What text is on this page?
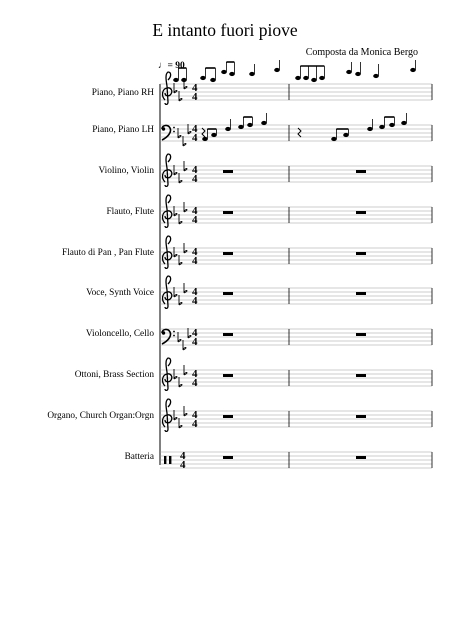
E intanto fuori piove
Composta da Monica Bergo
♩= 90
Piano, Piano RH
Piano, Piano LH
Violino, Violin
Flauto, Flute
Flauto di Pan , Pan Flute
Voce, Synth Voice
Violoncello, Cello
Ottoni, Brass Section
Organo, Church Organ:Orgn
Batteria
4
4
